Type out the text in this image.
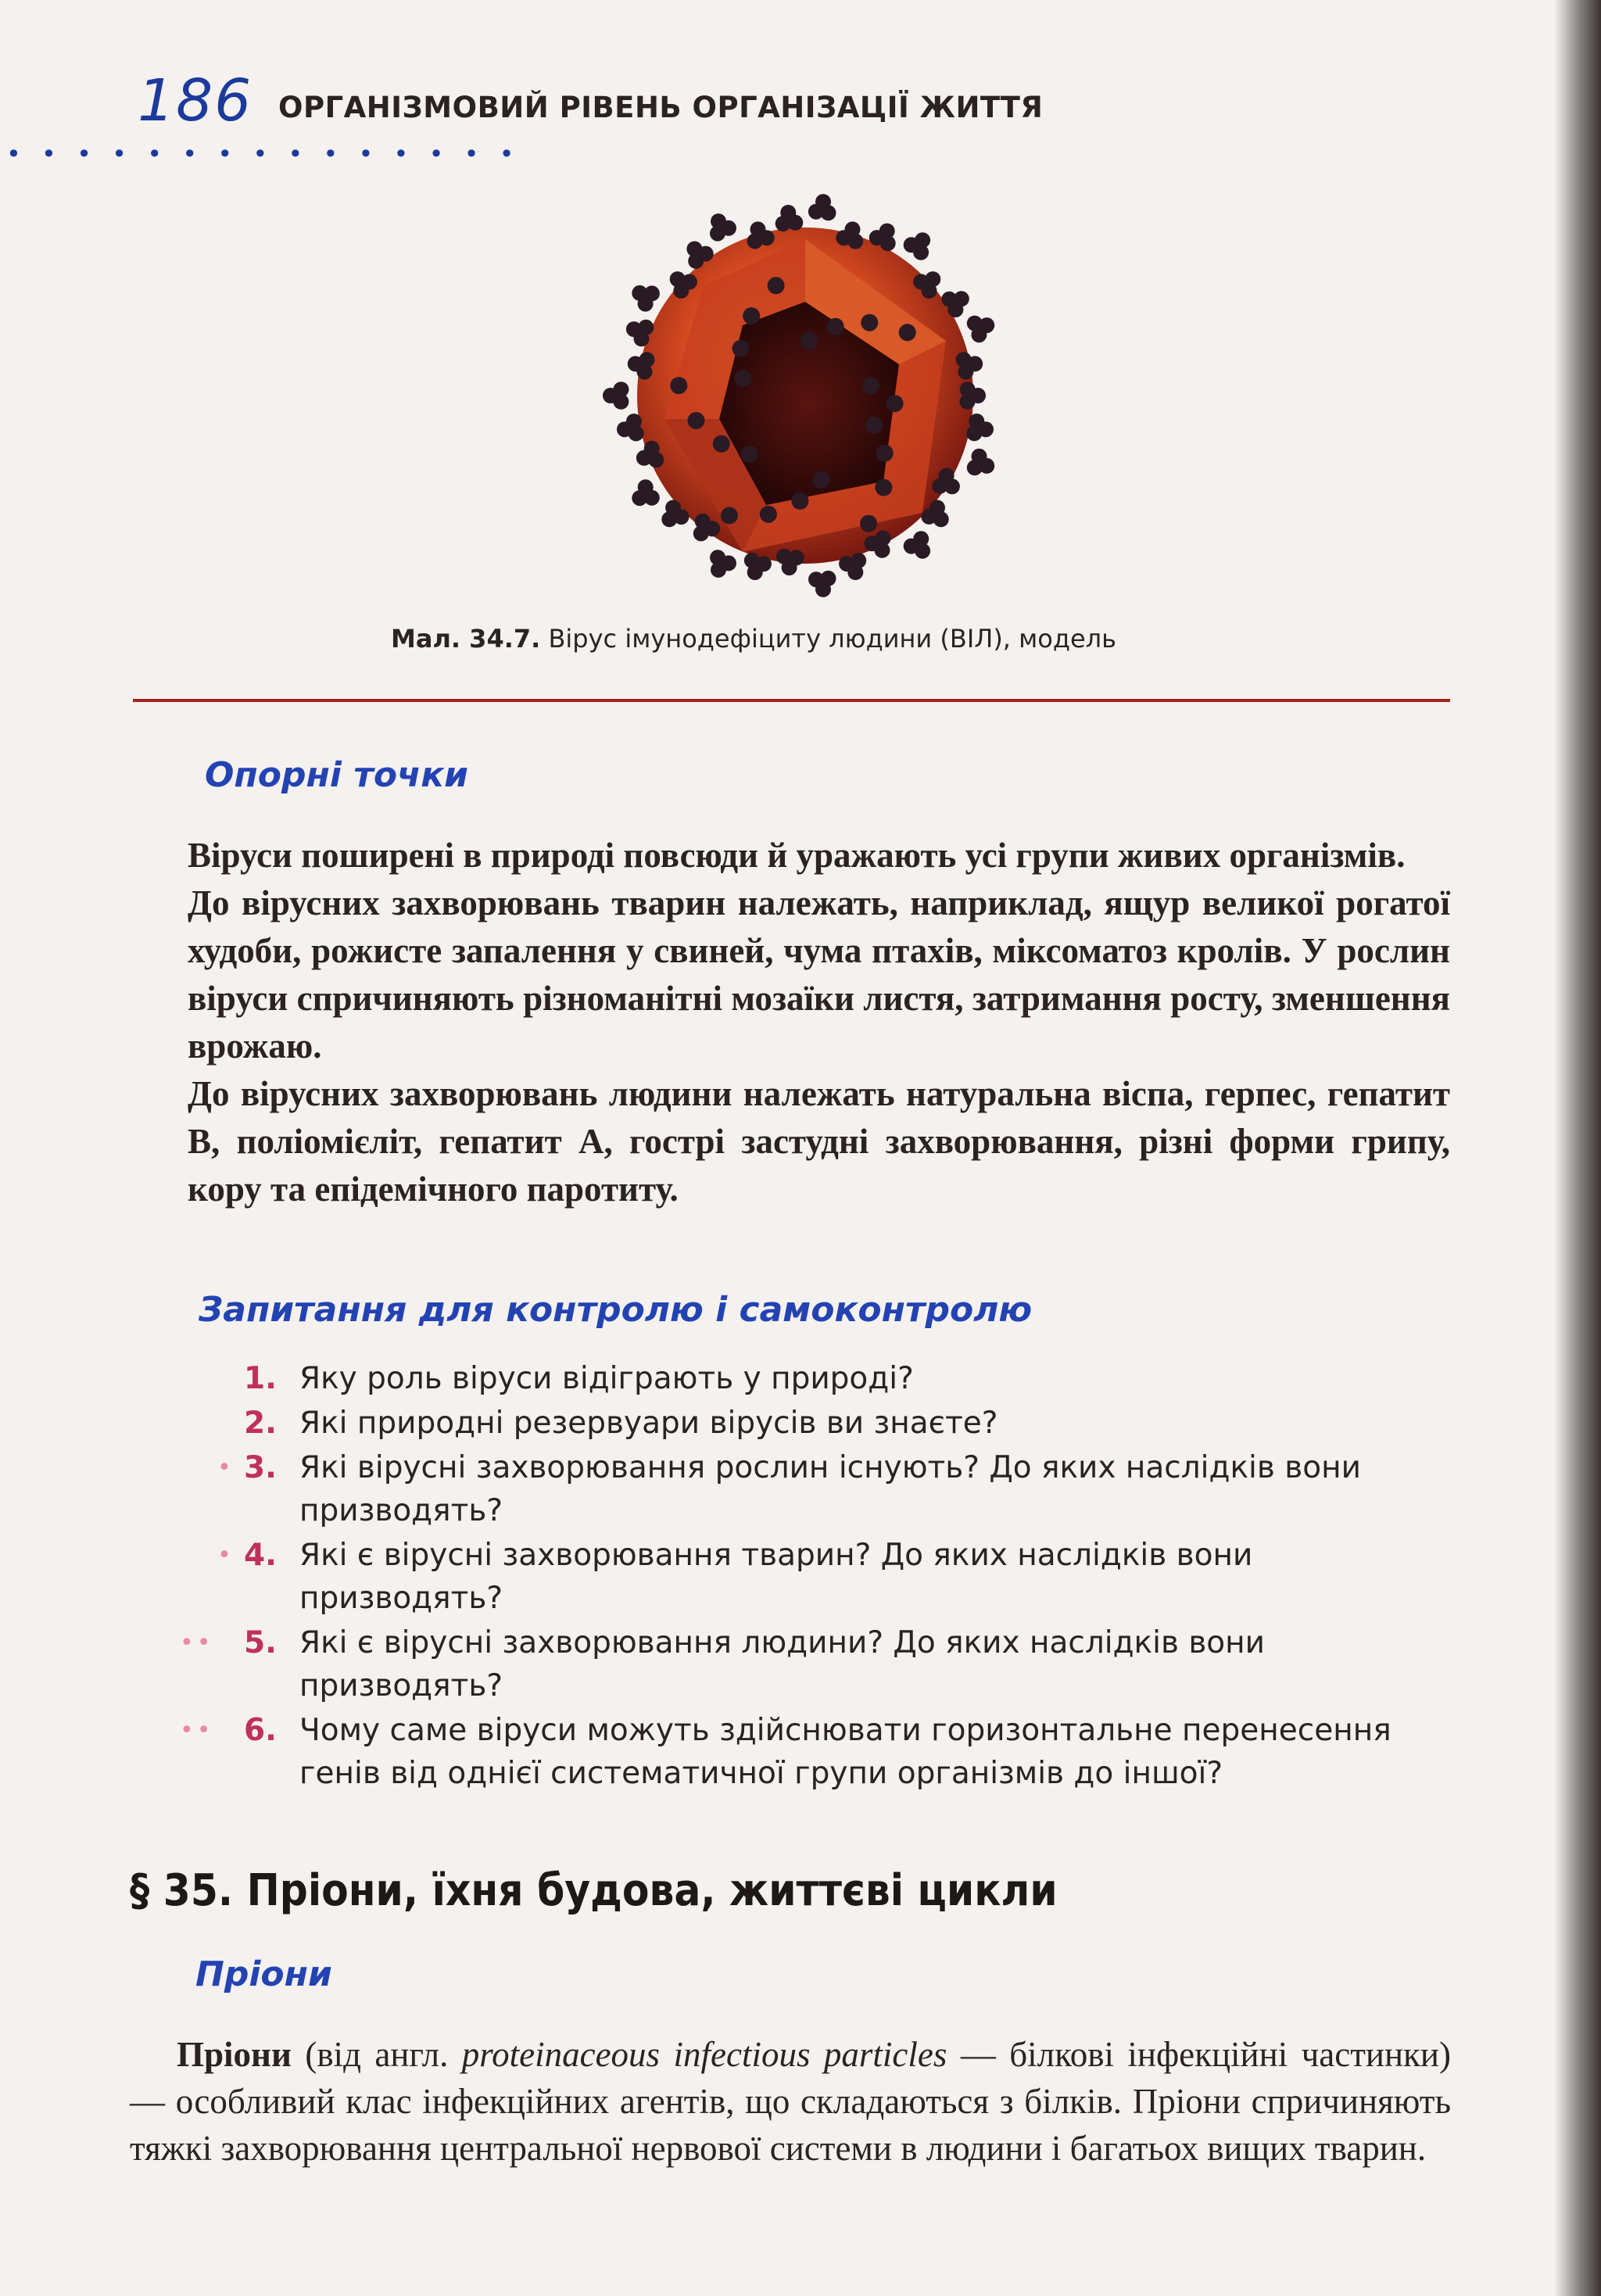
186 ОРГАНІЗМОВИЙ РІВЕНЬ ОРГАНІЗАЦІЇ ЖИТТЯ
• • • • • • • • • • • • • • •
Мал. 34.7. Вірус імунодефіциту людини (ВІЛ), модель
Опорні точки

Віруси поширені в природі повсюди й уражають усі групи живих організмів.

До вірусних захворювань тварин належать, наприклад, ящур великої рогатої худоби, рожисте запалення у свиней, чума птахів, міксоматоз кролів. У рослин віруси спричиняють різноманітні мозаїки листя, затримання росту, зменшення врожаю.

До вірусних захворювань людини належать натуральна віспа, герпес, гепатит B, поліомієліт, гепатит A, гострі застудні захворювання, різні форми грипу, кору та епідемічного паротиту.

Запитання для контролю і самоконтролю
1. Яку роль віруси відіграють у природі?
2. Які природні резервуари вірусів ви знаєте?
• 3. Які вірусні захворювання рослин існують? До яких наслідків вони призводять?
• 4. Які є вірусні захворювання тварин? До яких наслідків вони призводять?
•• 5. Які є вірусні захворювання людини? До яких наслідків вони призводять?
•• 6. Чому саме віруси можуть здійснювати горизонтальне перенесення генів від однієї систематичної групи організмів до іншої?
§ 35. Пріони, їхня будова, життєві цикли
Пріони
Пріони (від англ. proteinaceous infectious particles — білкові інфекційні частинки) — особливий клас інфекційних агентів, що складаються з білків. Пріони спричиняють тяжкі захворювання центральної нервової системи в людини і багатьох вищих тварин.
